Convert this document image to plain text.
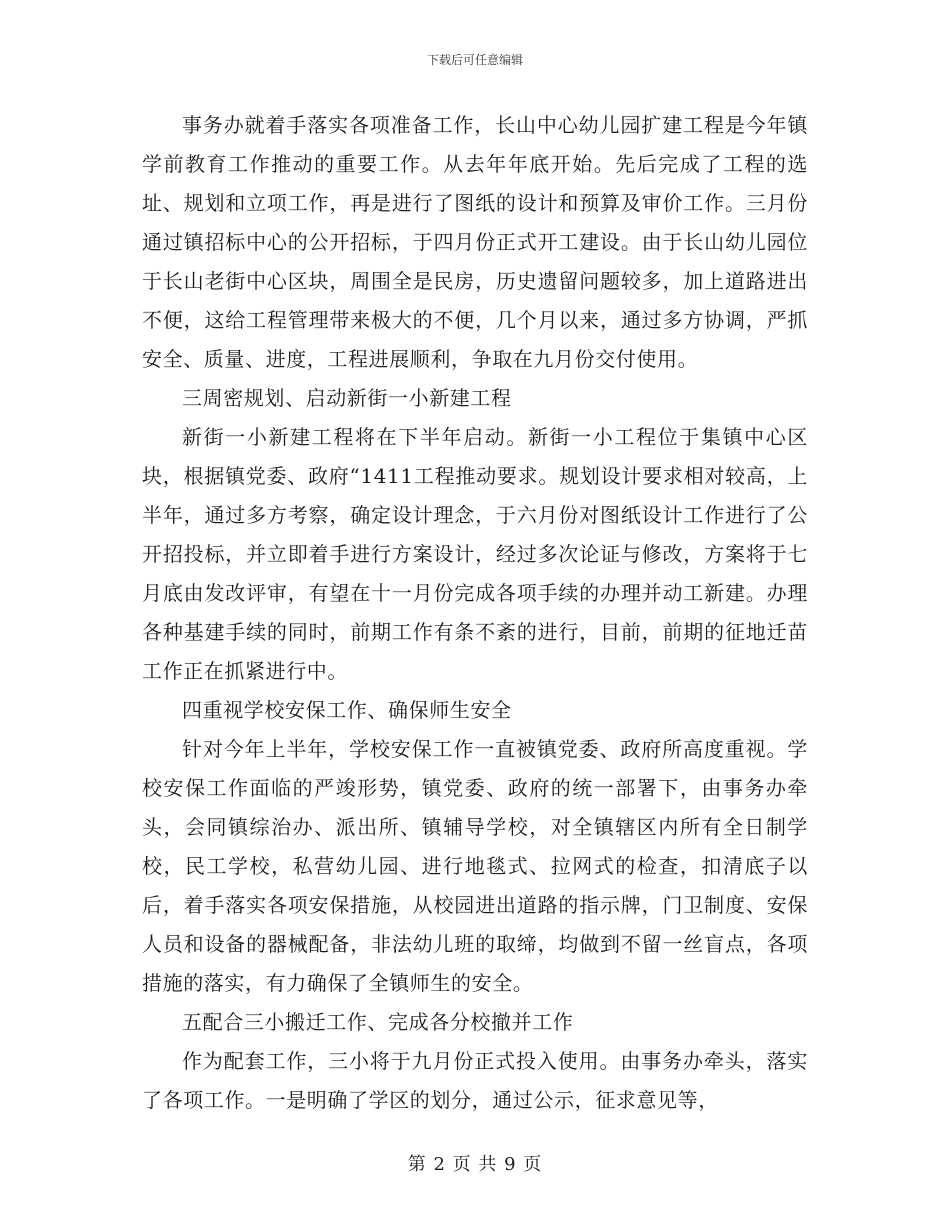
下载后可任意编辑

事务办就着手落实各项准备工作，长山中心幼儿园扩建工程是今年镇学前教育工作推动的重要工作。从去年年底开始。先后完成了工程的选址、规划和立项工作，再是进行了图纸的设计和预算及审价工作。三月份通过镇招标中心的公开招标，于四月份正式开工建设。由于长山幼儿园位于长山老街中心区块，周围全是民房，历史遗留问题较多，加上道路进出不便，这给工程管理带来极大的不便，几个月以来，通过多方协调，严抓安全、质量、进度，工程进展顺利，争取在九月份交付使用。

三周密规划、启动新街一小新建工程

新街一小新建工程将在下半年启动。新街一小工程位于集镇中心区块，根据镇党委、政府“1411工程推动要求。规划设计要求相对较高，上半年，通过多方考察，确定设计理念，于六月份对图纸设计工作进行了公开招投标，并立即着手进行方案设计，经过多次论证与修改，方案将于七月底由发改评审，有望在十一月份完成各项手续的办理并动工新建。办理各种基建手续的同时，前期工作有条不紊的进行，目前，前期的征地迁苗工作正在抓紧进行中。

四重视学校安保工作、确保师生安全

针对今年上半年，学校安保工作一直被镇党委、政府所高度重视。学校安保工作面临的严竣形势，镇党委、政府的统一部署下，由事务办牵头，会同镇综治办、派出所、镇辅导学校，对全镇辖区内所有全日制学校，民工学校，私营幼儿园、进行地毯式、拉网式的检查，扣清底子以后，着手落实各项安保措施，从校园进出道路的指示牌，门卫制度、安保人员和设备的器械配备，非法幼儿班的取缔，均做到不留一丝盲点，各项措施的落实，有力确保了全镇师生的安全。

五配合三小搬迁工作、完成各分校撤并工作

作为配套工作，三小将于九月份正式投入使用。由事务办牵头，落实了各项工作。一是明确了学区的划分，通过公示，征求意见等，

第 2 页 共 9 页
